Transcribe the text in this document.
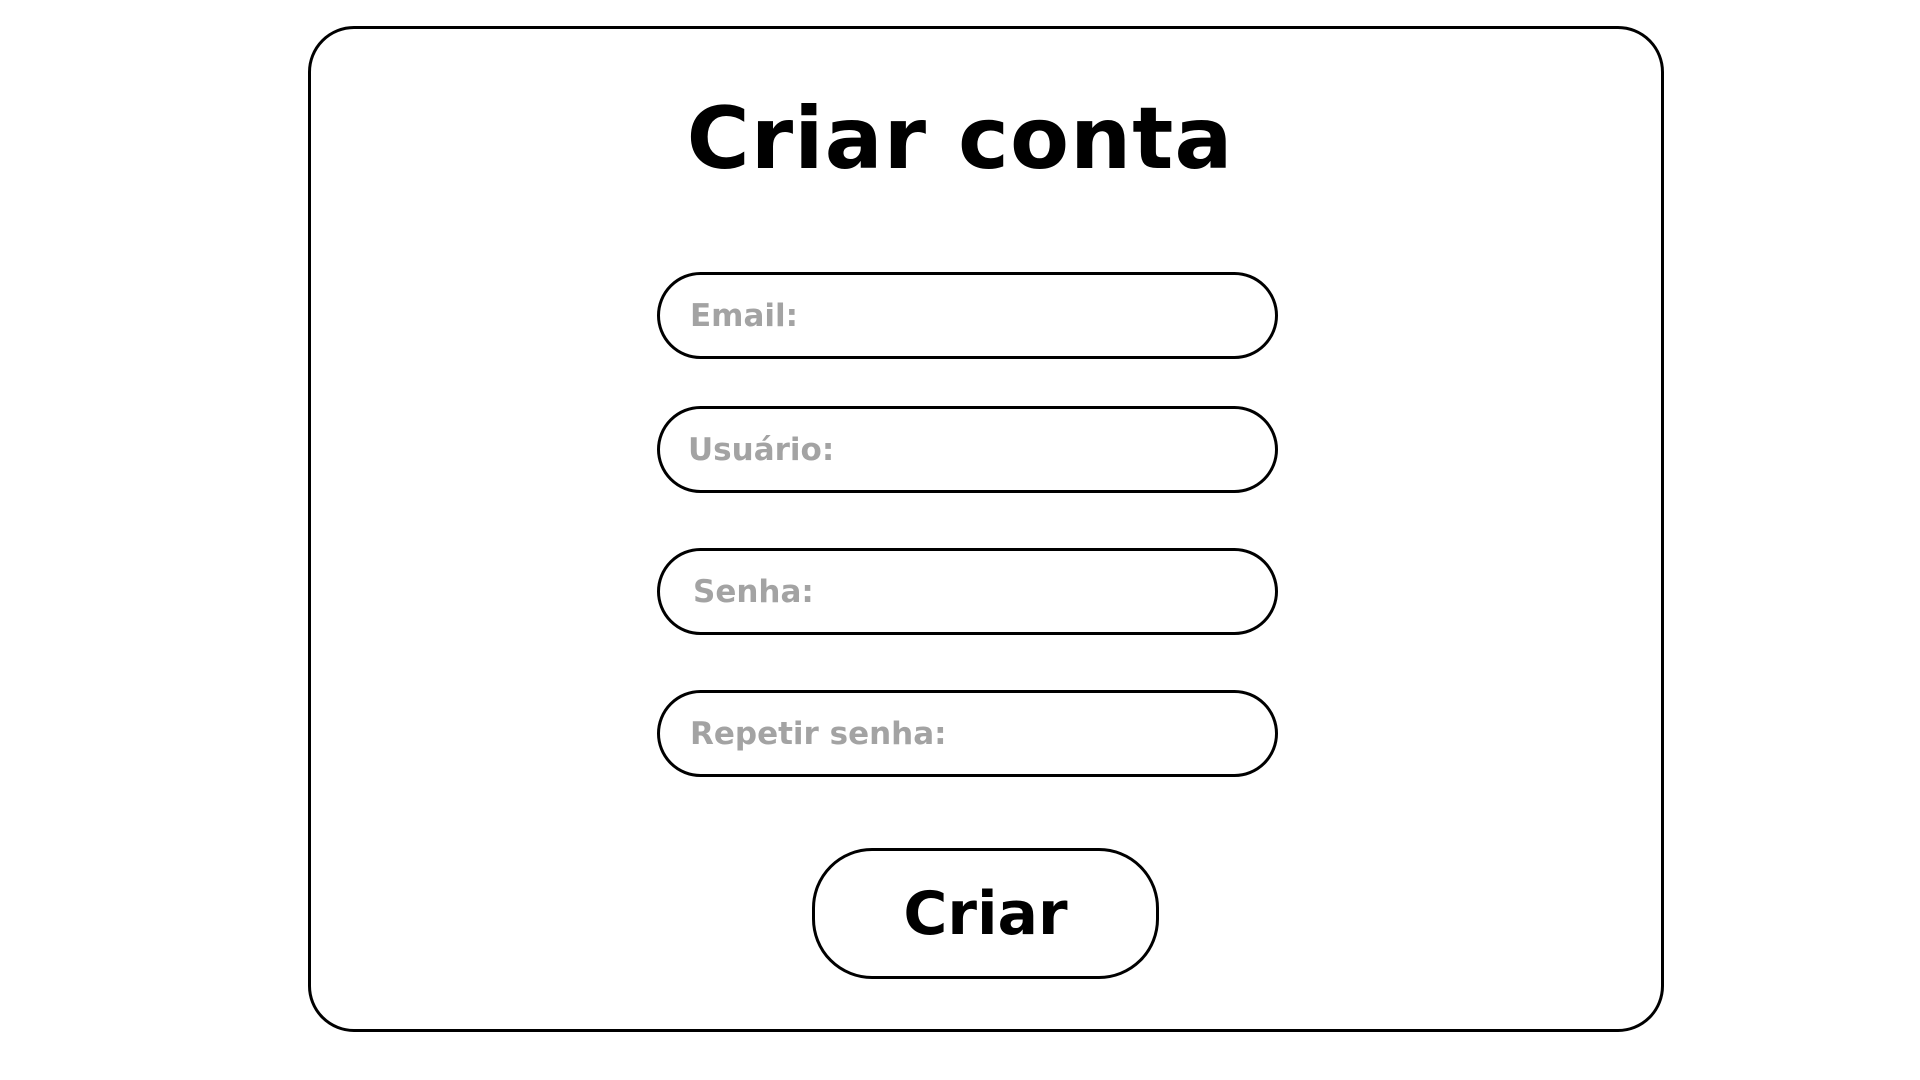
Criar conta
Email:
Usuário:
Criar
